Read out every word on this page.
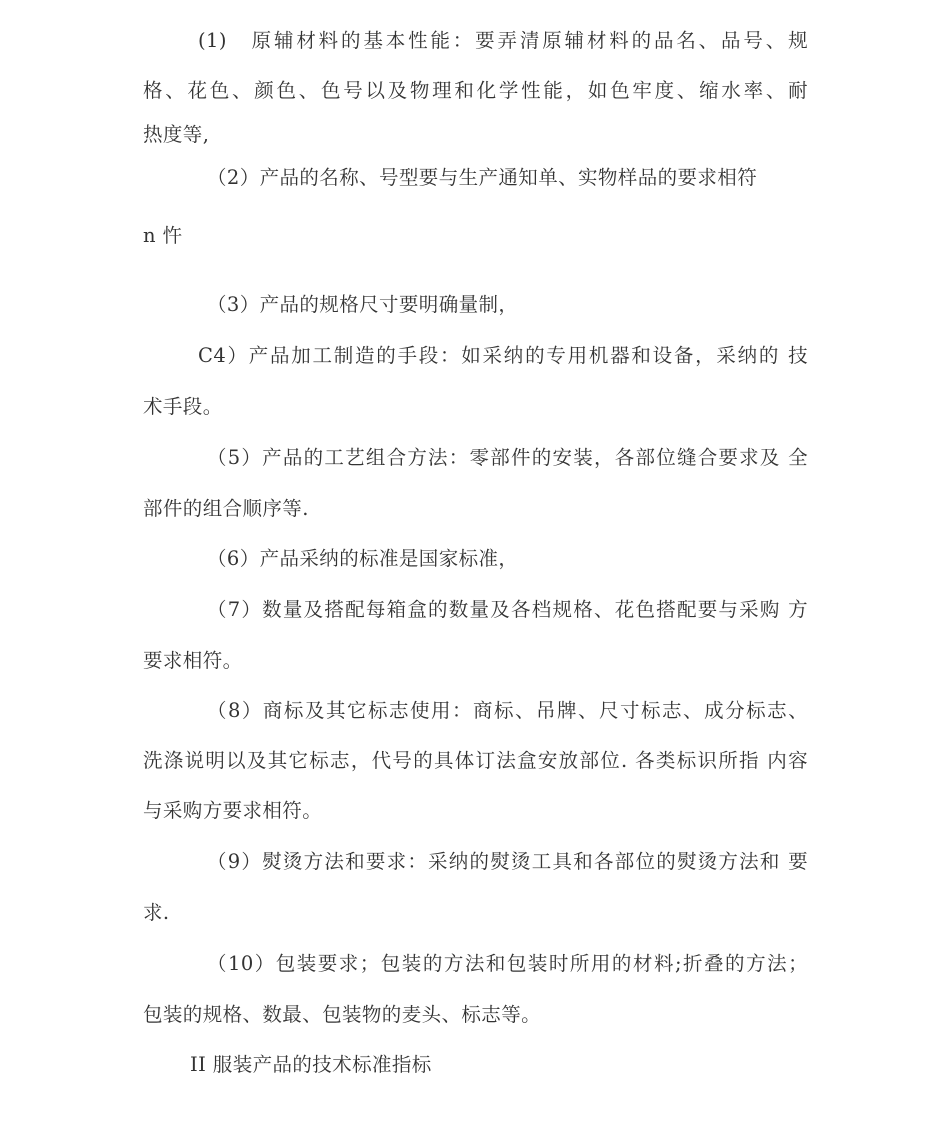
(1)　原辅材料的基本性能：要弄清原辅材料的品名、品号、规
格、花色、颜色、色号以及物理和化学性能，如色牢度、缩水率、耐
热度等,
（2）产品的名称、号型要与生产通知单、实物样品的要求相符
n 忤
（3）产品的规格尺寸要明确量制，
C4）产品加工制造的手段：如采纳的专用机器和设备，采纳的 技
术手段。
（5）产品的工艺组合方法：零部件的安装，各部位缝合要求及 全
部件的组合顺序等.
（6）产品采纳的标准是国家标准，
（7）数量及搭配每箱盒的数量及各档规格、花色搭配要与采购 方
要求相符。
（8）商标及其它标志使用：商标、吊牌、尺寸标志、成分标志、
洗涤说明以及其它标志，代号的具体订法盒安放部位. 各类标识所指 内容
与采购方要求相符。
（9）熨烫方法和要求：采纳的熨烫工具和各部位的熨烫方法和 要
求.
（10）包装要求；包装的方法和包装时所用的材料;折叠的方法；
包装的规格、数最、包装物的麦头、标志等。
II 服装产品的技术标准指标
